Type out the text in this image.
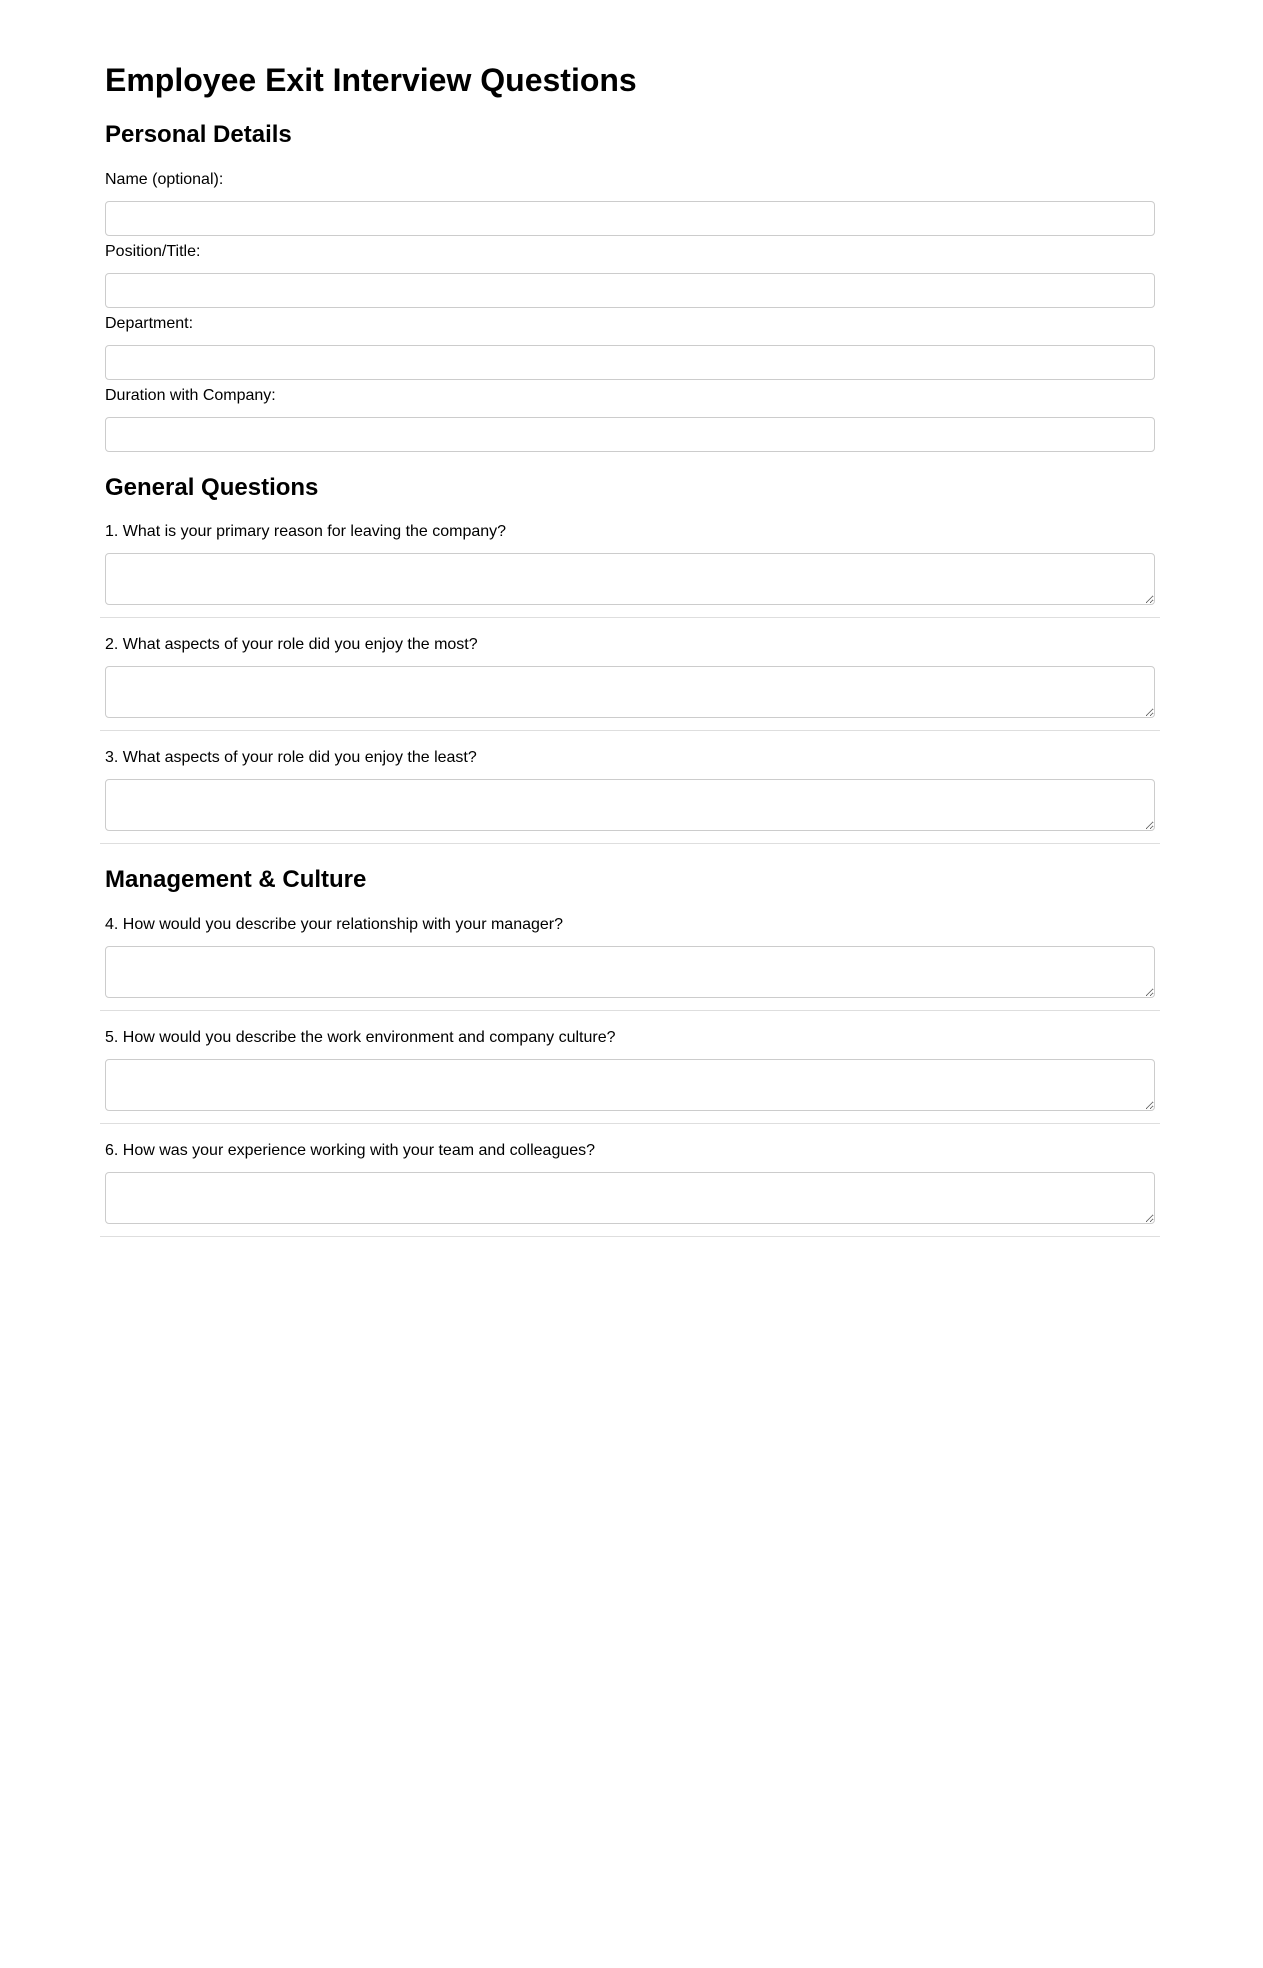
Employee Exit Interview Questions
Personal Details
Name (optional):
Position/Title:
Department:
Duration with Company:
General Questions
1. What is your primary reason for leaving the company?
2. What aspects of your role did you enjoy the most?
3. What aspects of your role did you enjoy the least?
Management & Culture
4. How would you describe your relationship with your manager?
5. How would you describe the work environment and company culture?
6. How was your experience working with your team and colleagues?
